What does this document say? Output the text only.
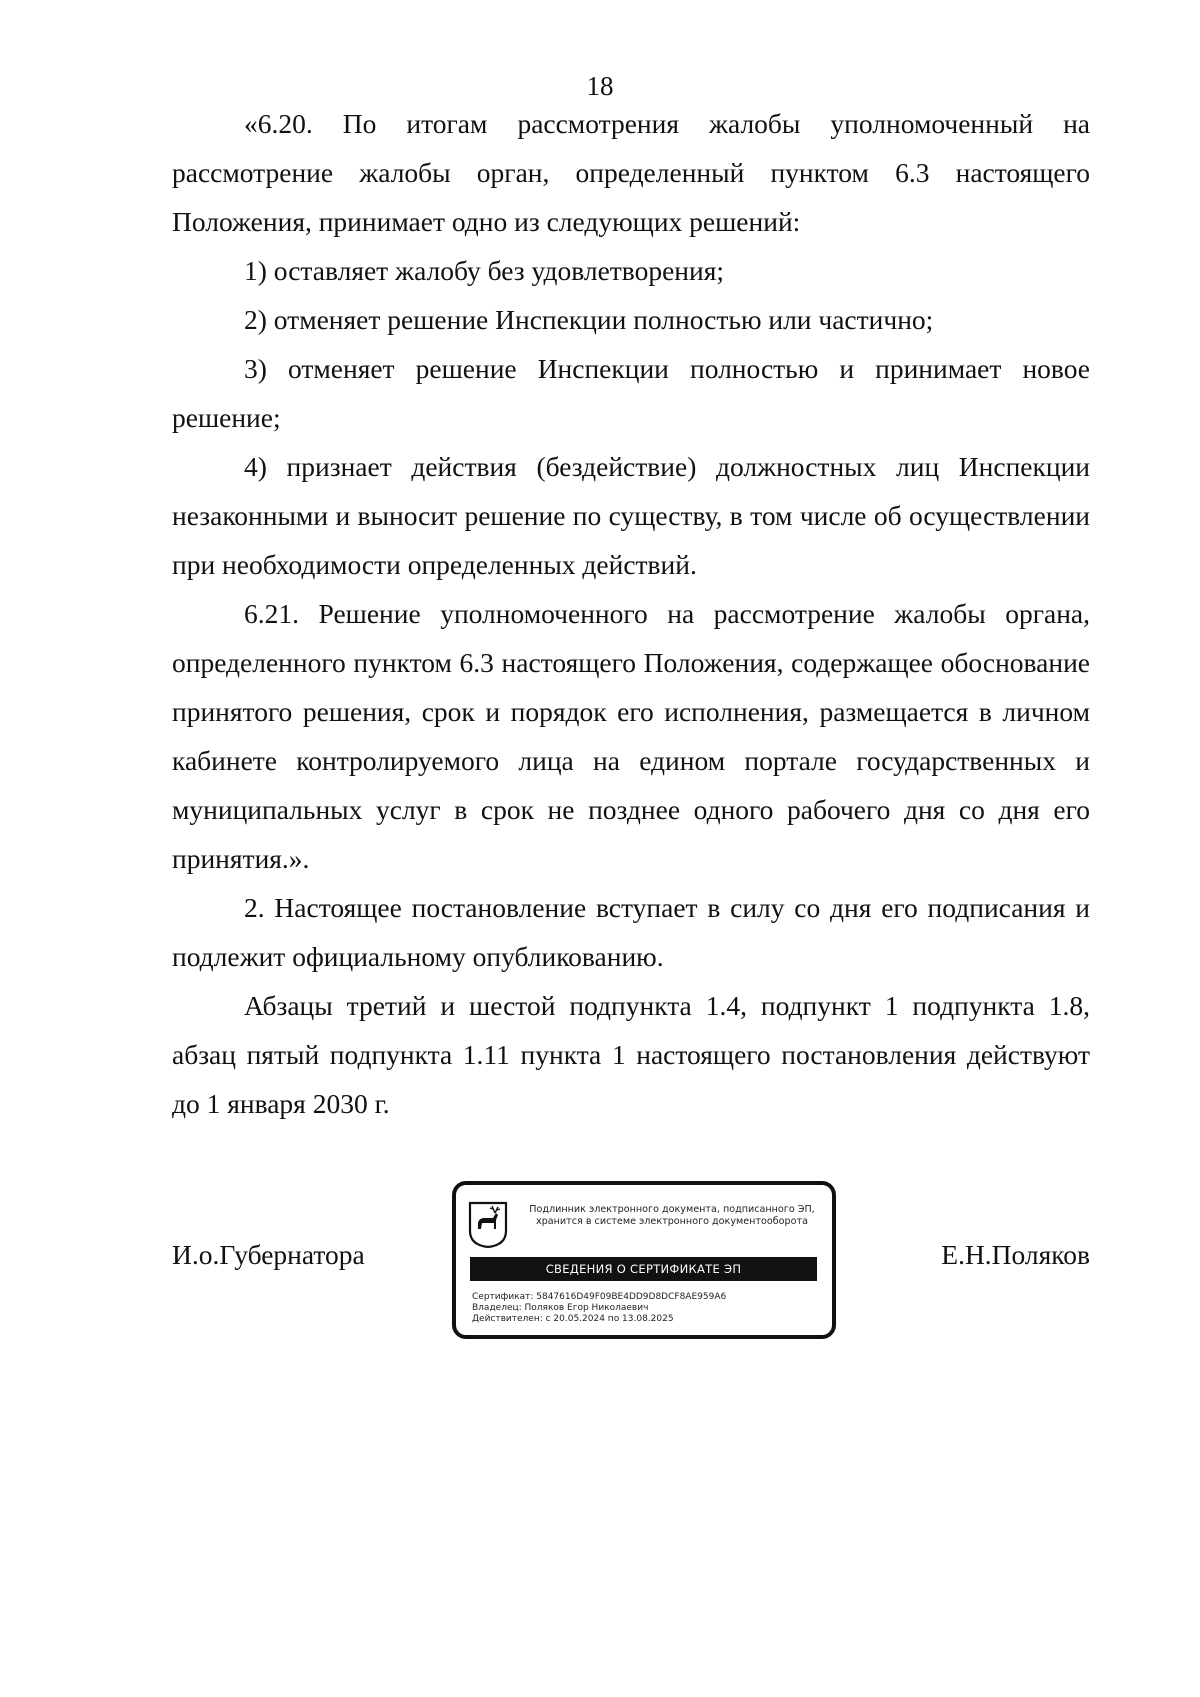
18

«6.20. По итогам рассмотрения жалобы уполномоченный на рассмотрение жалобы орган, определенный пунктом 6.3 настоящего Положения, принимает одно из следующих решений:

1) оставляет жалобу без удовлетворения;

2) отменяет решение Инспекции полностью или частично;

3) отменяет решение Инспекции полностью и принимает новое решение;

4) признает действия (бездействие) должностных лиц Инспекции незаконными и выносит решение по существу, в том числе об осуществлении при необходимости определенных действий.

6.21. Решение уполномоченного на рассмотрение жалобы органа, определенного пунктом 6.3 настоящего Положения, содержащее обоснование принятого решения, срок и порядок его исполнения, размещается в личном кабинете контролируемого лица на едином портале государственных и муниципальных услуг в срок не позднее одного рабочего дня со дня его принятия.».

2. Настоящее постановление вступает в силу со дня его подписания и подлежит официальному опубликованию.

Абзацы третий и шестой подпункта 1.4, подпункт 1 подпункта 1.8, абзац пятый подпункта 1.11 пункта 1 настоящего постановления действуют до 1 января 2030 г.

И.о.Губернатора
Подлинник электронного документа, подписанного ЭП,
хранится в системе электронного документооборота
СВЕДЕНИЯ О СЕРТИФИКАТЕ ЭП
Сертификат: 5847616D49F09BE4DD9D8DCF8AE959A6
Владелец: Поляков Егор Николаевич
Действителен: с 20.05.2024 по 13.08.2025
Е.Н.Поляков
